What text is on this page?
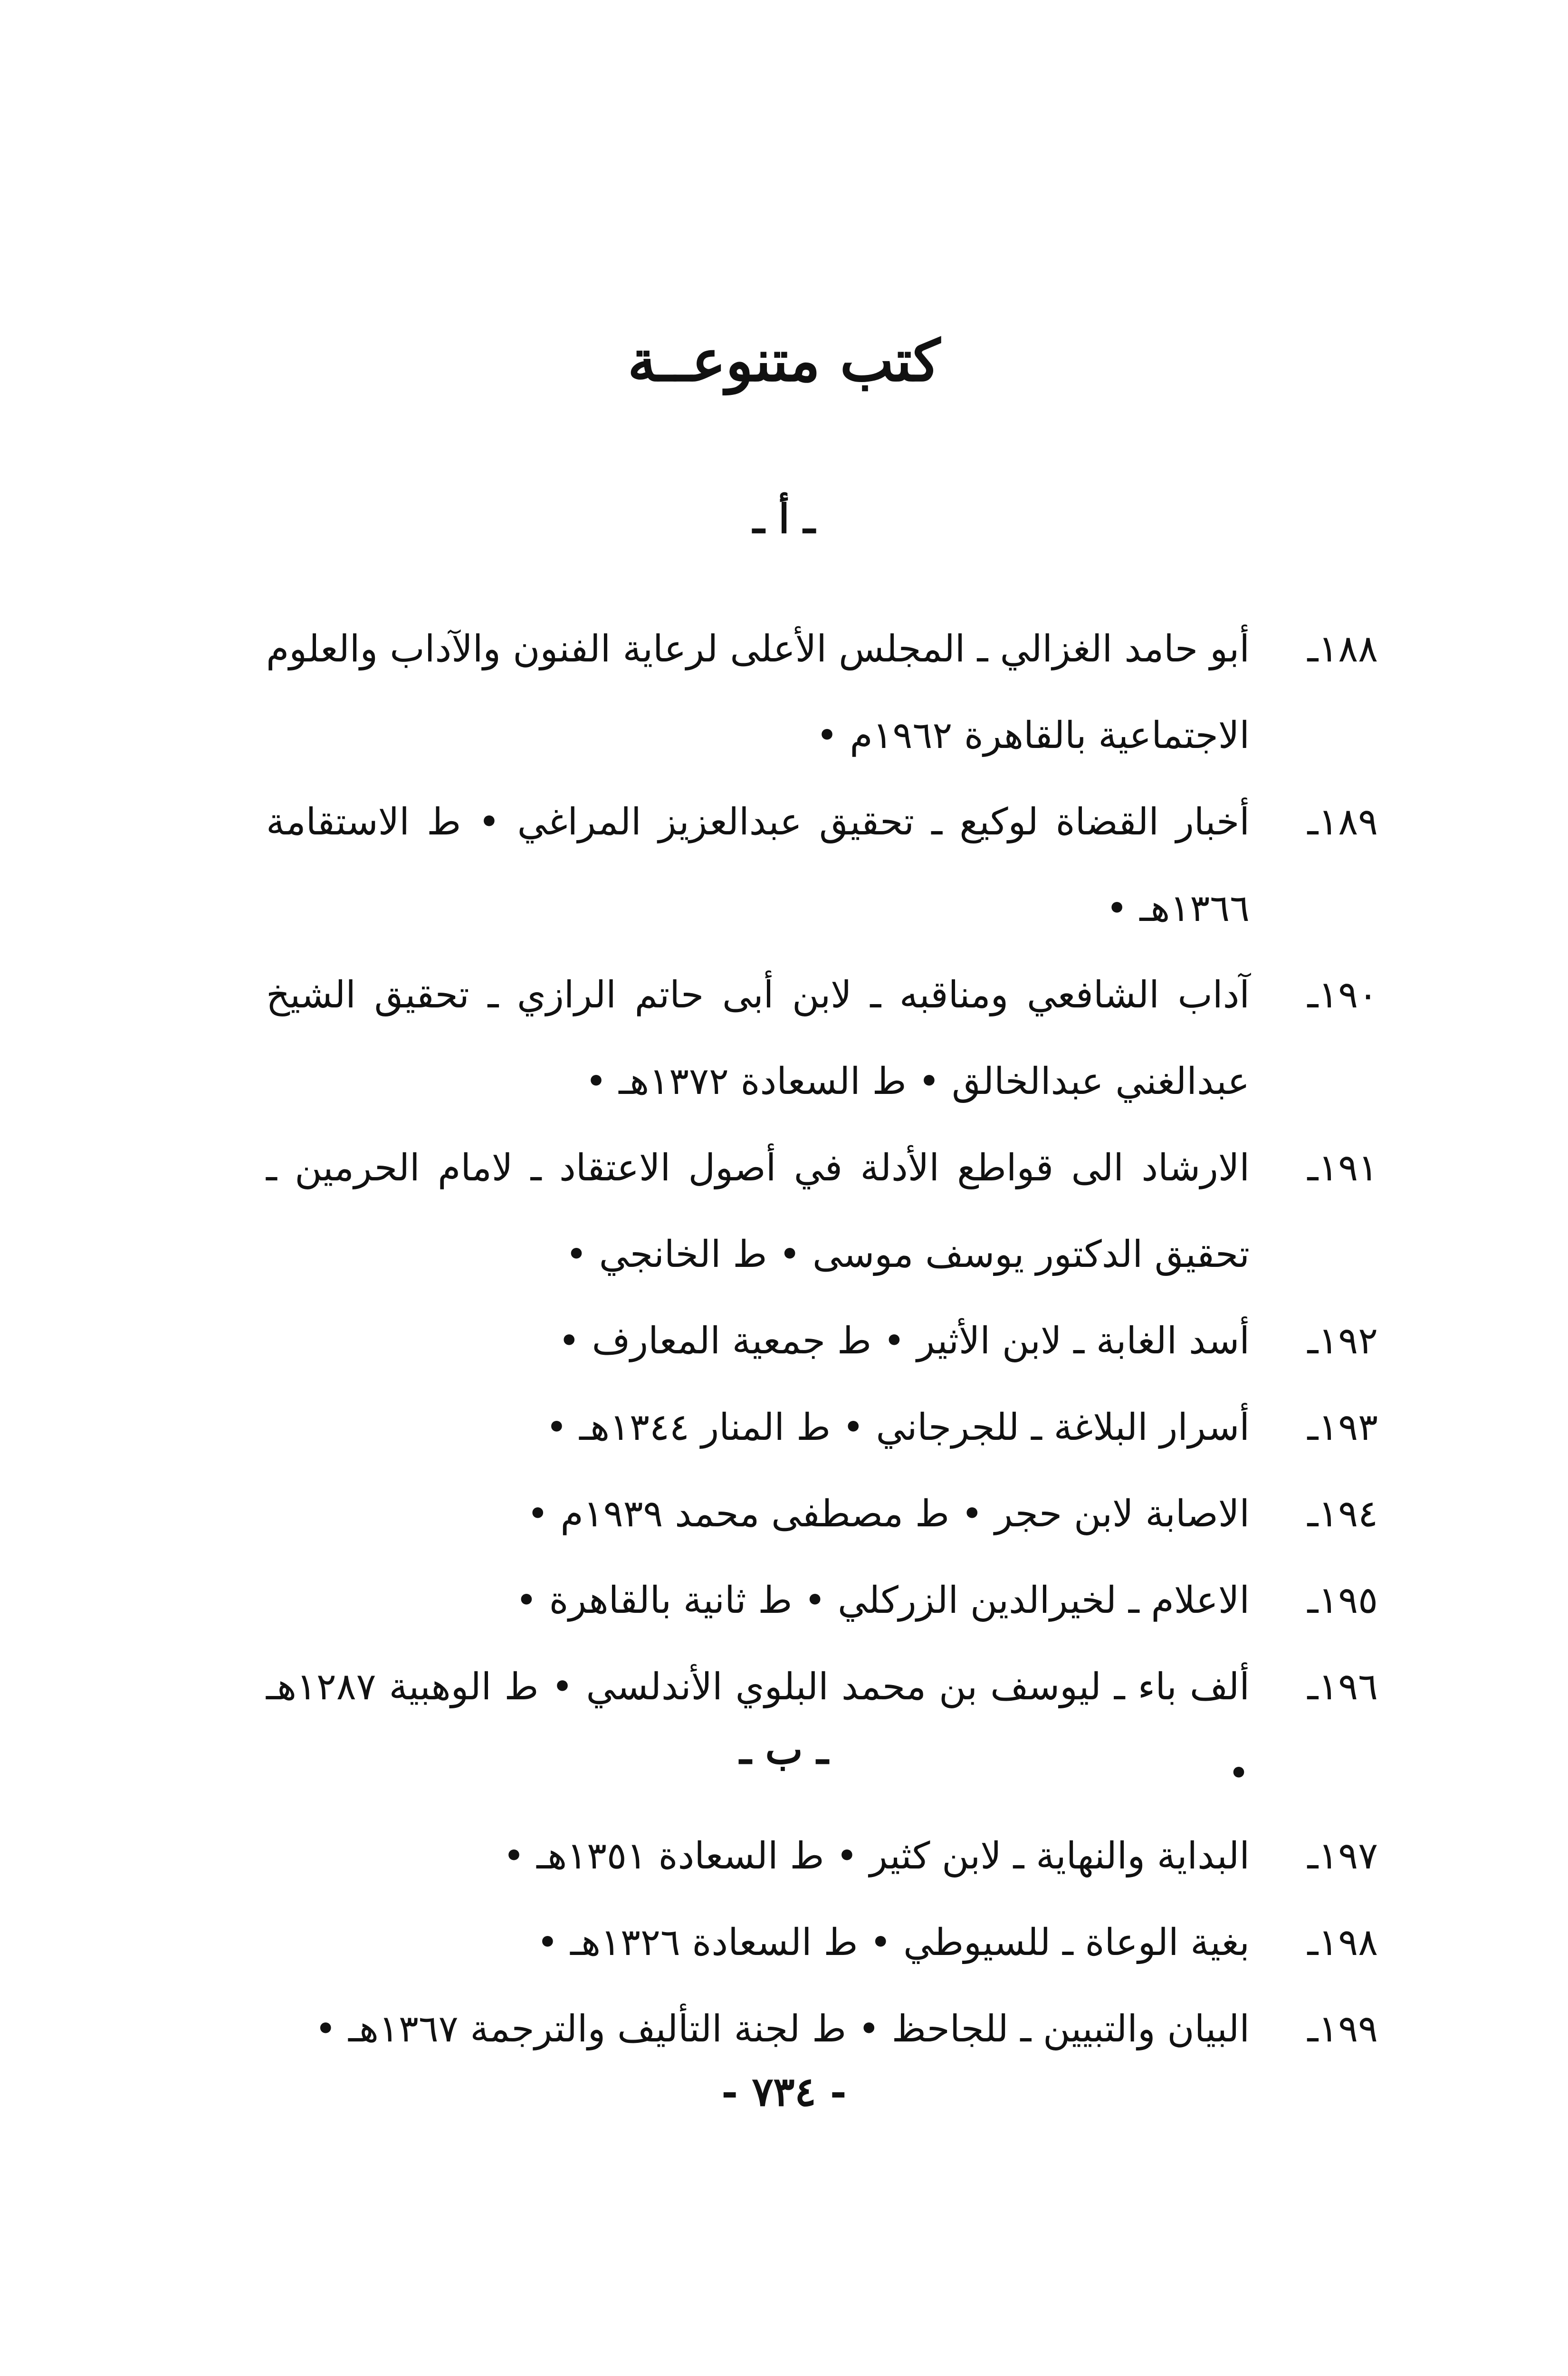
كتب متنوعــة
ـ أ ـ
١٨٨ـ
أبو حامد الغزالي ـ المجلس الأعلى لرعاية الفنون والآداب والعلوم الاجتماعية بالقاهرة ١٩٦٢م •
١٨٩ـ
أخبار القضاة لوكيع ـ تحقيق عبدالعزيز المراغي • ط الاستقامة ١٣٦٦هـ •
١٩٠ـ
آداب الشافعي ومناقبه ـ لابن أبى حاتم الرازي ـ تحقيق الشيخ عبدالغني عبدالخالق • ط السعادة ١٣٧٢هـ •
١٩١ـ
الارشاد الى قواطع الأدلة في أصول الاعتقاد ـ لامام الحرمين ـ تحقيق الدكتور يوسف موسى • ط الخانجي •
١٩٢ـ
أسد الغابة ـ لابن الأثير • ط جمعية المعارف •
١٩٣ـ
أسرار البلاغة ـ للجرجاني • ط المنار ١٣٤٤هـ •
١٩٤ـ
الاصابة لابن حجر • ط مصطفى محمد ١٩٣٩م •
١٩٥ـ
الاعلام ـ لخيرالدين الزركلي • ط ثانية بالقاهرة •
١٩٦ـ
ألف باء ـ ليوسف بن محمد البلوي الأندلسي • ط الوهبية ١٢٨٧هـ •
ـ ب ـ
١٩٧ـ
البداية والنهاية ـ لابن كثير • ط السعادة ١٣٥١هـ •
١٩٨ـ
بغية الوعاة ـ للسيوطي • ط السعادة ١٣٢٦هـ •
١٩٩ـ
البيان والتبيين ـ للجاحظ • ط لجنة التأليف والترجمة ١٣٦٧هـ •
- ٧٣٤ -
